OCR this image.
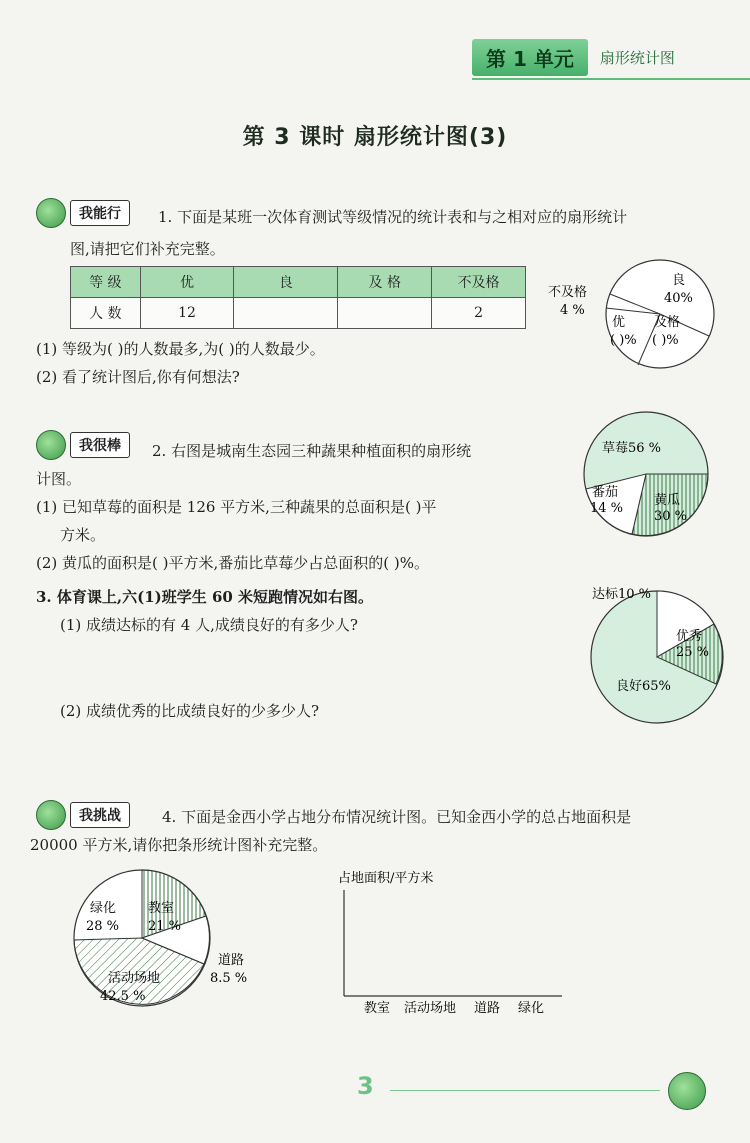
第 1 单元	扇形统计图
第 3 课时 扇形统计图(3)
我能行	1. 下面是某班一次体育测试等级情况的统计表和与之相对应的扇形统计
图,请把它们补充完整。
等 级	优	良	及 格	不及格
人 数	12			2
良
40%
不及格
4 %
优
( )%
及格
( )%
(1) 等级为( )的人数最多,为( )的人数最少。
(2) 看了统计图后,你有何想法?
我很棒	2. 右图是城南生态园三种蔬果种植面积的扇形统
计图。
(1) 已知草莓的面积是 126 平方米,三种蔬果的总面积是( )平
方米。
(2) 黄瓜的面积是( )平方米,番茄比草莓少占总面积的( )%。
草莓56 %
番茄
14 %
黄瓜
30 %
3. 体育课上,六(1)班学生 60 米短跑情况如右图。
(1) 成绩达标的有 4 人,成绩良好的有多少人?
(2) 成绩优秀的比成绩良好的少多少人?
达标10 %
优秀
25 %
良好65%
我挑战	4. 下面是金西小学占地分布情况统计图。已知金西小学的总占地面积是
20000 平方米,请你把条形统计图补充完整。
绿化
28 %
教室
21 %
活动场地
42.5 %
道路
8.5 %
占地面积/平方米
教室 活动场地 道路 绿化
3
